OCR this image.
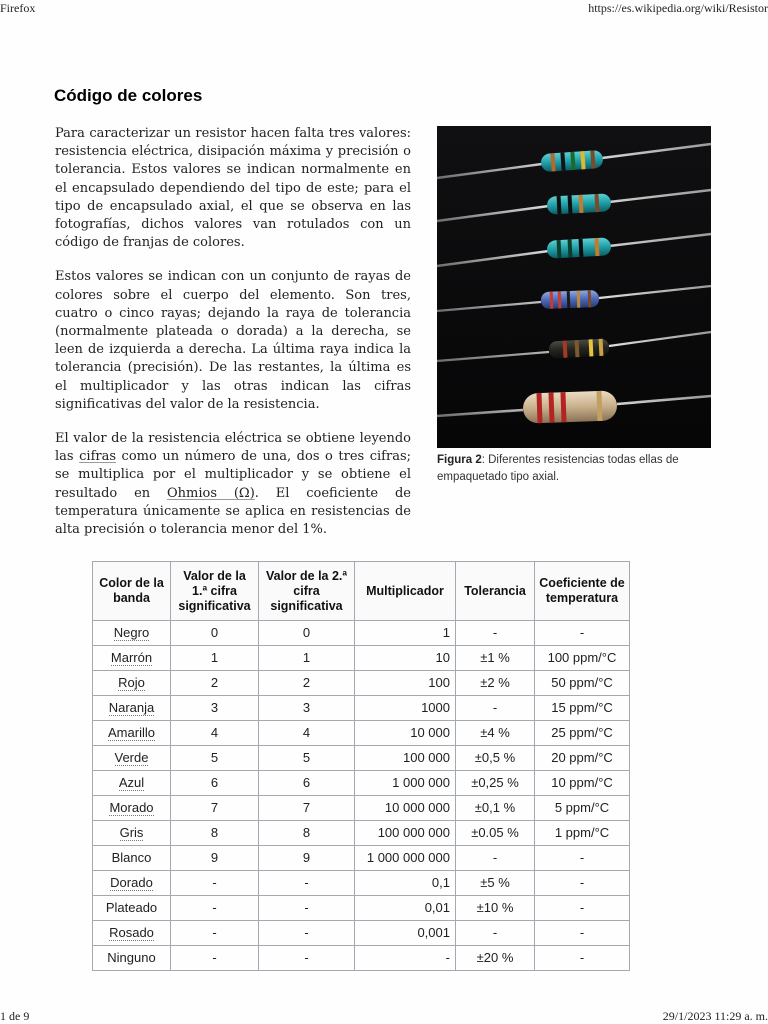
Firefox	https://es.wikipedia.org/wiki/Resistor
Código de colores

Para caracterizar un resistor hacen falta tres valores: resistencia eléctrica, disipación máxima y precisión o tolerancia. Estos valores se indican normalmente en el encapsulado dependiendo del tipo de este; para el tipo de encapsulado axial, el que se observa en las fotografías, dichos valores van rotulados con un código de franjas de colores.

Estos valores se indican con un conjunto de rayas de colores sobre el cuerpo del elemento. Son tres, cuatro o cinco rayas; dejando la raya de tolerancia (normalmente plateada o dorada) a la derecha, se leen de izquierda a derecha. La última raya indica la tolerancia (precisión). De las restantes, la última es el multiplicador y las otras indican las cifras significativas del valor de la resistencia.

El valor de la resistencia eléctrica se obtiene leyendo las cifras como un número de una, dos o tres cifras; se multiplica por el multiplicador y se obtiene el resultado en Ohmios (Ω). El coeficiente de temperatura únicamente se aplica en resistencias de alta precisión o tolerancia menor del 1%.

Figura 2: Diferentes resistencias todas ellas de empaquetado tipo axial.
Color de la banda	Valor de la 1.ª cifra significativa	Valor de la 2.ª cifra significativa	Multiplicador	Tolerancia	Coeficiente de temperatura
Negro	0	0	1	-	-
Marrón	1	1	10	±1 %	100 ppm/°C
Rojo	2	2	100	±2 %	50 ppm/°C
Naranja	3	3	1000	-	15 ppm/°C
Amarillo	4	4	10 000	±4 %	25 ppm/°C
Verde	5	5	100 000	±0,5 %	20 ppm/°C
Azul	6	6	1 000 000	±0,25 %	10 ppm/°C
Morado	7	7	10 000 000	±0,1 %	5 ppm/°C
Gris	8	8	100 000 000	±0.05 %	1 ppm/°C
Blanco	9	9	1 000 000 000	-	-
Dorado	-	-	0,1	±5 %	-
Plateado	-	-	0,01	±10 %	-
Rosado	-	-	0,001	-	-
Ninguno	-	-	-	±20 %	-
1 de 9	29/1/2023 11:29 a. m.
